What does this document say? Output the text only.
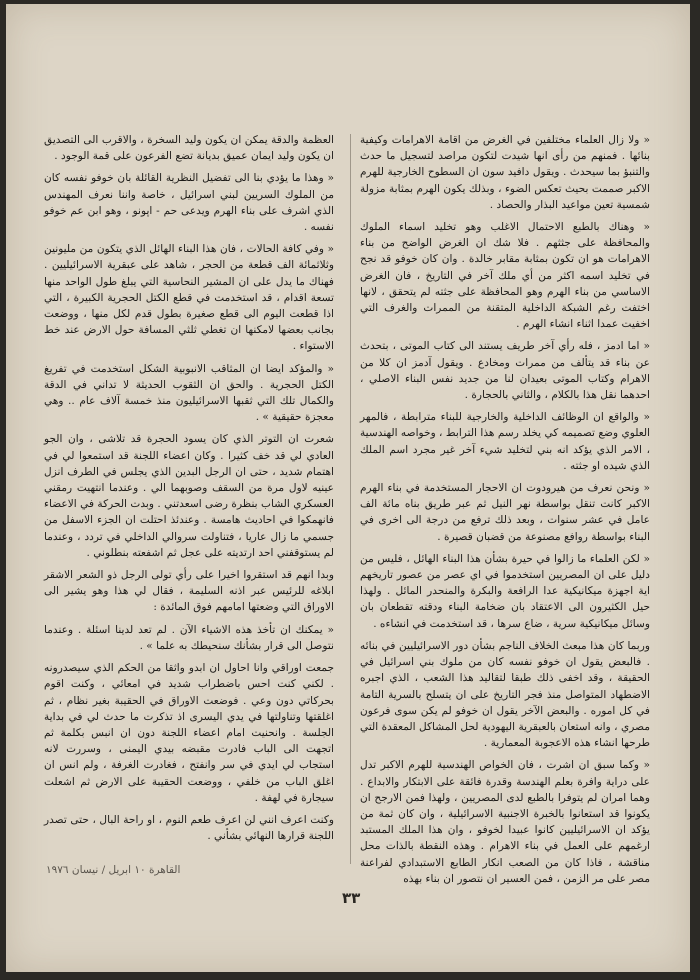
« ولا زال العلماء مختلفين في الغرض من اقامة الاهرامات وكيفية بنائها . فمنهم من رأى انها شيدت لتكون مراصد لتسجيل ما حدث والتنبؤ بما سيحدث . ويقول دافيد سون ان السطوح الخارجية للهرم الاكبر صممت بحيث تعكس الضوء ، وبذلك يكون الهرم بمثابة مزولة شمسية تعين مواعيد البذار والحصاد .

« وهناك بالطبع الاحتمال الاغلب وهو تخليد اسماء الملوك والمحافظة على جثثهم . فلا شك ان الغرض الواضح من بناء الاهرامات هو ان تكون بمثابة مقابر خالدة . وان كان خوفو قد نجح في تخليد اسمه اكثر من أي ملك آخر في التاريخ ، فان الغرض الاساسي من بناء الهرم وهو المحافظة على جثته لم يتحقق ، لانها اختفت رغم الشبكة الداخلية المتقنة من الممرات والغرف التي اخفيت عمدا اثناء انشاء الهرم .

« اما ادمز ، فله رأي آخر طريف يستند الى كتاب الموتى ، بتحدث عن بناء قد يتألف من ممرات ومخادع . ويقول آدمز ان كلا من الاهرام وكتاب الموتى بعيدان لنا من جديد نفس البناء الاصلي ، احدهما نقل هذا بالكلام ، والثاني بالحجارة .

« والواقع ان الوظائف الداخلية والخارجية للبناء مترابطة ، فالمهر العلوي وضع تصميمه كي يخلد رسم هذا الترابط ، وخواصه الهندسية ، الامر الذي يؤكد انه بني لتخليد شيء آخر غير مجرد اسم الملك الذي شيده او جثته .

« ونحن نعرف من هيرودوت ان الاحجار المستخدمة في بناء الهرم الاكبر كانت تنقل بواسطة نهر النيل ثم عبر طريق بناه مائة الف عامل في عشر سنوات ، وبعد ذلك ترفع من درجة الى اخرى في البناء بواسطة روافع مصنوعة من قضبان قصيرة .

« لكن العلماء ما زالوا في حيرة بشأن هذا البناء الهائل ، فليس من دليل على ان المصريين استخدموا في اي عصر من عصور تاريخهم اية اجهزة ميكانيكية عدا الرافعة والبكرة والمنحدر المائل . ولهذا حيل الكثيرون الى الاعتقاد بان ضخامة البناء ودقته تقطعان بان وسائل ميكانيكية سرية ، ضاع سرها ، قد استخدمت في انشاءه .

وربما كان هذا مبعث الخلاف الناجم بشأن دور الاسرائيليين في بنائه . فالبعض يقول ان خوفو نفسه كان من ملوك بني اسرائيل في الحقيقة ، وقد اخفى ذلك طبقا لتقاليد هذا الشعب ، الذي اجبره الاضطهاد المتواصل منذ فجر التاريخ على ان يتسلح بالسرية التامة في كل اموره . والبعض الآخر يقول ان خوفو لم يكن سوى فرعون مصري ، وانه استعان بالعبقرية اليهودية لحل المشاكل المعقدة التي طرحها انشاء هذه الاعجوبة المعمارية .

« وكما سبق ان اشرت ، فان الخواص الهندسية للهرم الاكبر تدل على دراية وافرة بعلم الهندسة وقدرة فائقة على الابتكار والابداع . وهما امران لم يتوفرا بالطبع لدى المصريين ، ولهذا فمن الارجح ان يكونوا قد استعانوا بالخبرة الاجنبية الاسرائيلية ، وان كان ثمة من يؤكد ان الاسرائيليين كانوا عبيدا لخوفو ، وان هذا الملك المستبد ارغمهم على العمل في بناء الاهرام . وهذه النقطة بالذات محل مناقشة ، فاذا كان من الصعب انكار الطابع الاستبدادي لفراعنة مصر على مر الزمن ، فمن العسير ان نتصور ان بناء بهذه

العظمة والدقة يمكن ان يكون وليد السخرة ، والاقرب الى التصديق ان يكون وليد ايمان عميق بديانة تضع الفرعون على قمة الوجود .

« وهذا ما يؤدي بنا الى تفضيل النظرية القائلة بان خوفو نفسه كان من الملوك السريين لبني اسرائيل ، خاصة واننا نعرف المهندس الذي اشرف على بناء الهرم ويدعى حم - اپونو ، وهو ابن عم خوفو نفسه .

« وفي كافة الحالات ، فان هذا البناء الهائل الذي يتكون من مليونين وثلاثمائة الف قطعة من الحجر ، شاهد على عبقرية الاسرائيليين . فهناك ما يدل على ان المشير النحاسية التي يبلغ طول الواحد منها تسعة اقدام ، قد استخدمت في قطع الكتل الحجرية الكبيرة ، التي اذا قطعت اليوم الى قطع صغيرة بطول قدم لكل منها ، ووضعت بجانب بعضها لامكنها ان تغطي ثلثي المسافة حول الارض عند خط الاستواء .

« والمؤكد ايضا ان المثاقب الانبوبية الشكل استخدمت في تفريغ الكتل الحجرية . والحق ان الثقوب الحديثة لا تداني في الدقة والكمال تلك التي ثقبها الاسرائيليون منذ خمسة آلاف عام .. وهي معجزة حقيقية » .

شعرت ان التوتر الذي كان يسود الحجرة قد تلاشى ، وان الجو العادي لي قد خف كثيرا . وكان اعضاء اللجنة قد استمعوا لي في اهتمام شديد ، حتى ان الرجل البدين الذي يجلس في الطرف انزل عينيه لاول مرة من السقف وصوبهما الي . وعندما انتهيت رمقني العسكري الشاب بنظرة رضى اسعدتني . وبدت الحركة في الاعضاء فانهمكوا في احاديث هامسة . وعندئذ احتلت ان الجزء الاسفل من جسمي ما زال عاريا ، فتناولت سروالي الداخلي في تردد ، وعندما لم يستوقفني احد ارتديته على عجل ثم اشفعته بنطلوني .

وبدا انهم قد استقروا اخيرا على رأي تولى الرجل ذو الشعر الاشقر ابلاغه للرئيس عبر اذنه السليمة ، فقال لي هذا وهو يشير الى الاوراق التي وضعتها امامهم فوق المائدة :

« يمكنك ان تأخذ هذه الاشياء الآن . لم تعد لدينا اسئلة . وعندما نتوصل الى قرار بشأنك سنحيطك به علما » .

جمعت اوراقي وانا احاول ان ابدو واثقا من الحكم الذي سيصدرونه . لكني كنت احس باضطراب شديد في امعائي ، وكنت اقوم بحركاتي دون وعي . فوضعت الاوراق في الحقيبة بغير نظام ، ثم اغلقتها وتناولتها في يدي اليسرى اذ تذكرت ما حدث لي في بداية الجلسة . وانحنيت امام اعضاء اللجنة دون ان انبس بكلمة ثم اتجهت الى الباب فادرت مقبضه بيدي اليمنى ، وسررت لانه استجاب لي ايدي في سر وانفتح ، فغادرت الغرفة ، ولم انس ان اغلق الباب من خلفي ، ووضعت الحقيبة على الارض ثم اشعلت سيجارة في لهفة .

وكنت اعرف انني لن اعرف طعم النوم ، او راحة البال ، حتى تصدر اللجنة قرارها النهائي بشأني .

القاهرة ١٠ ابريل / نيسان ١٩٧٦
٣٣
